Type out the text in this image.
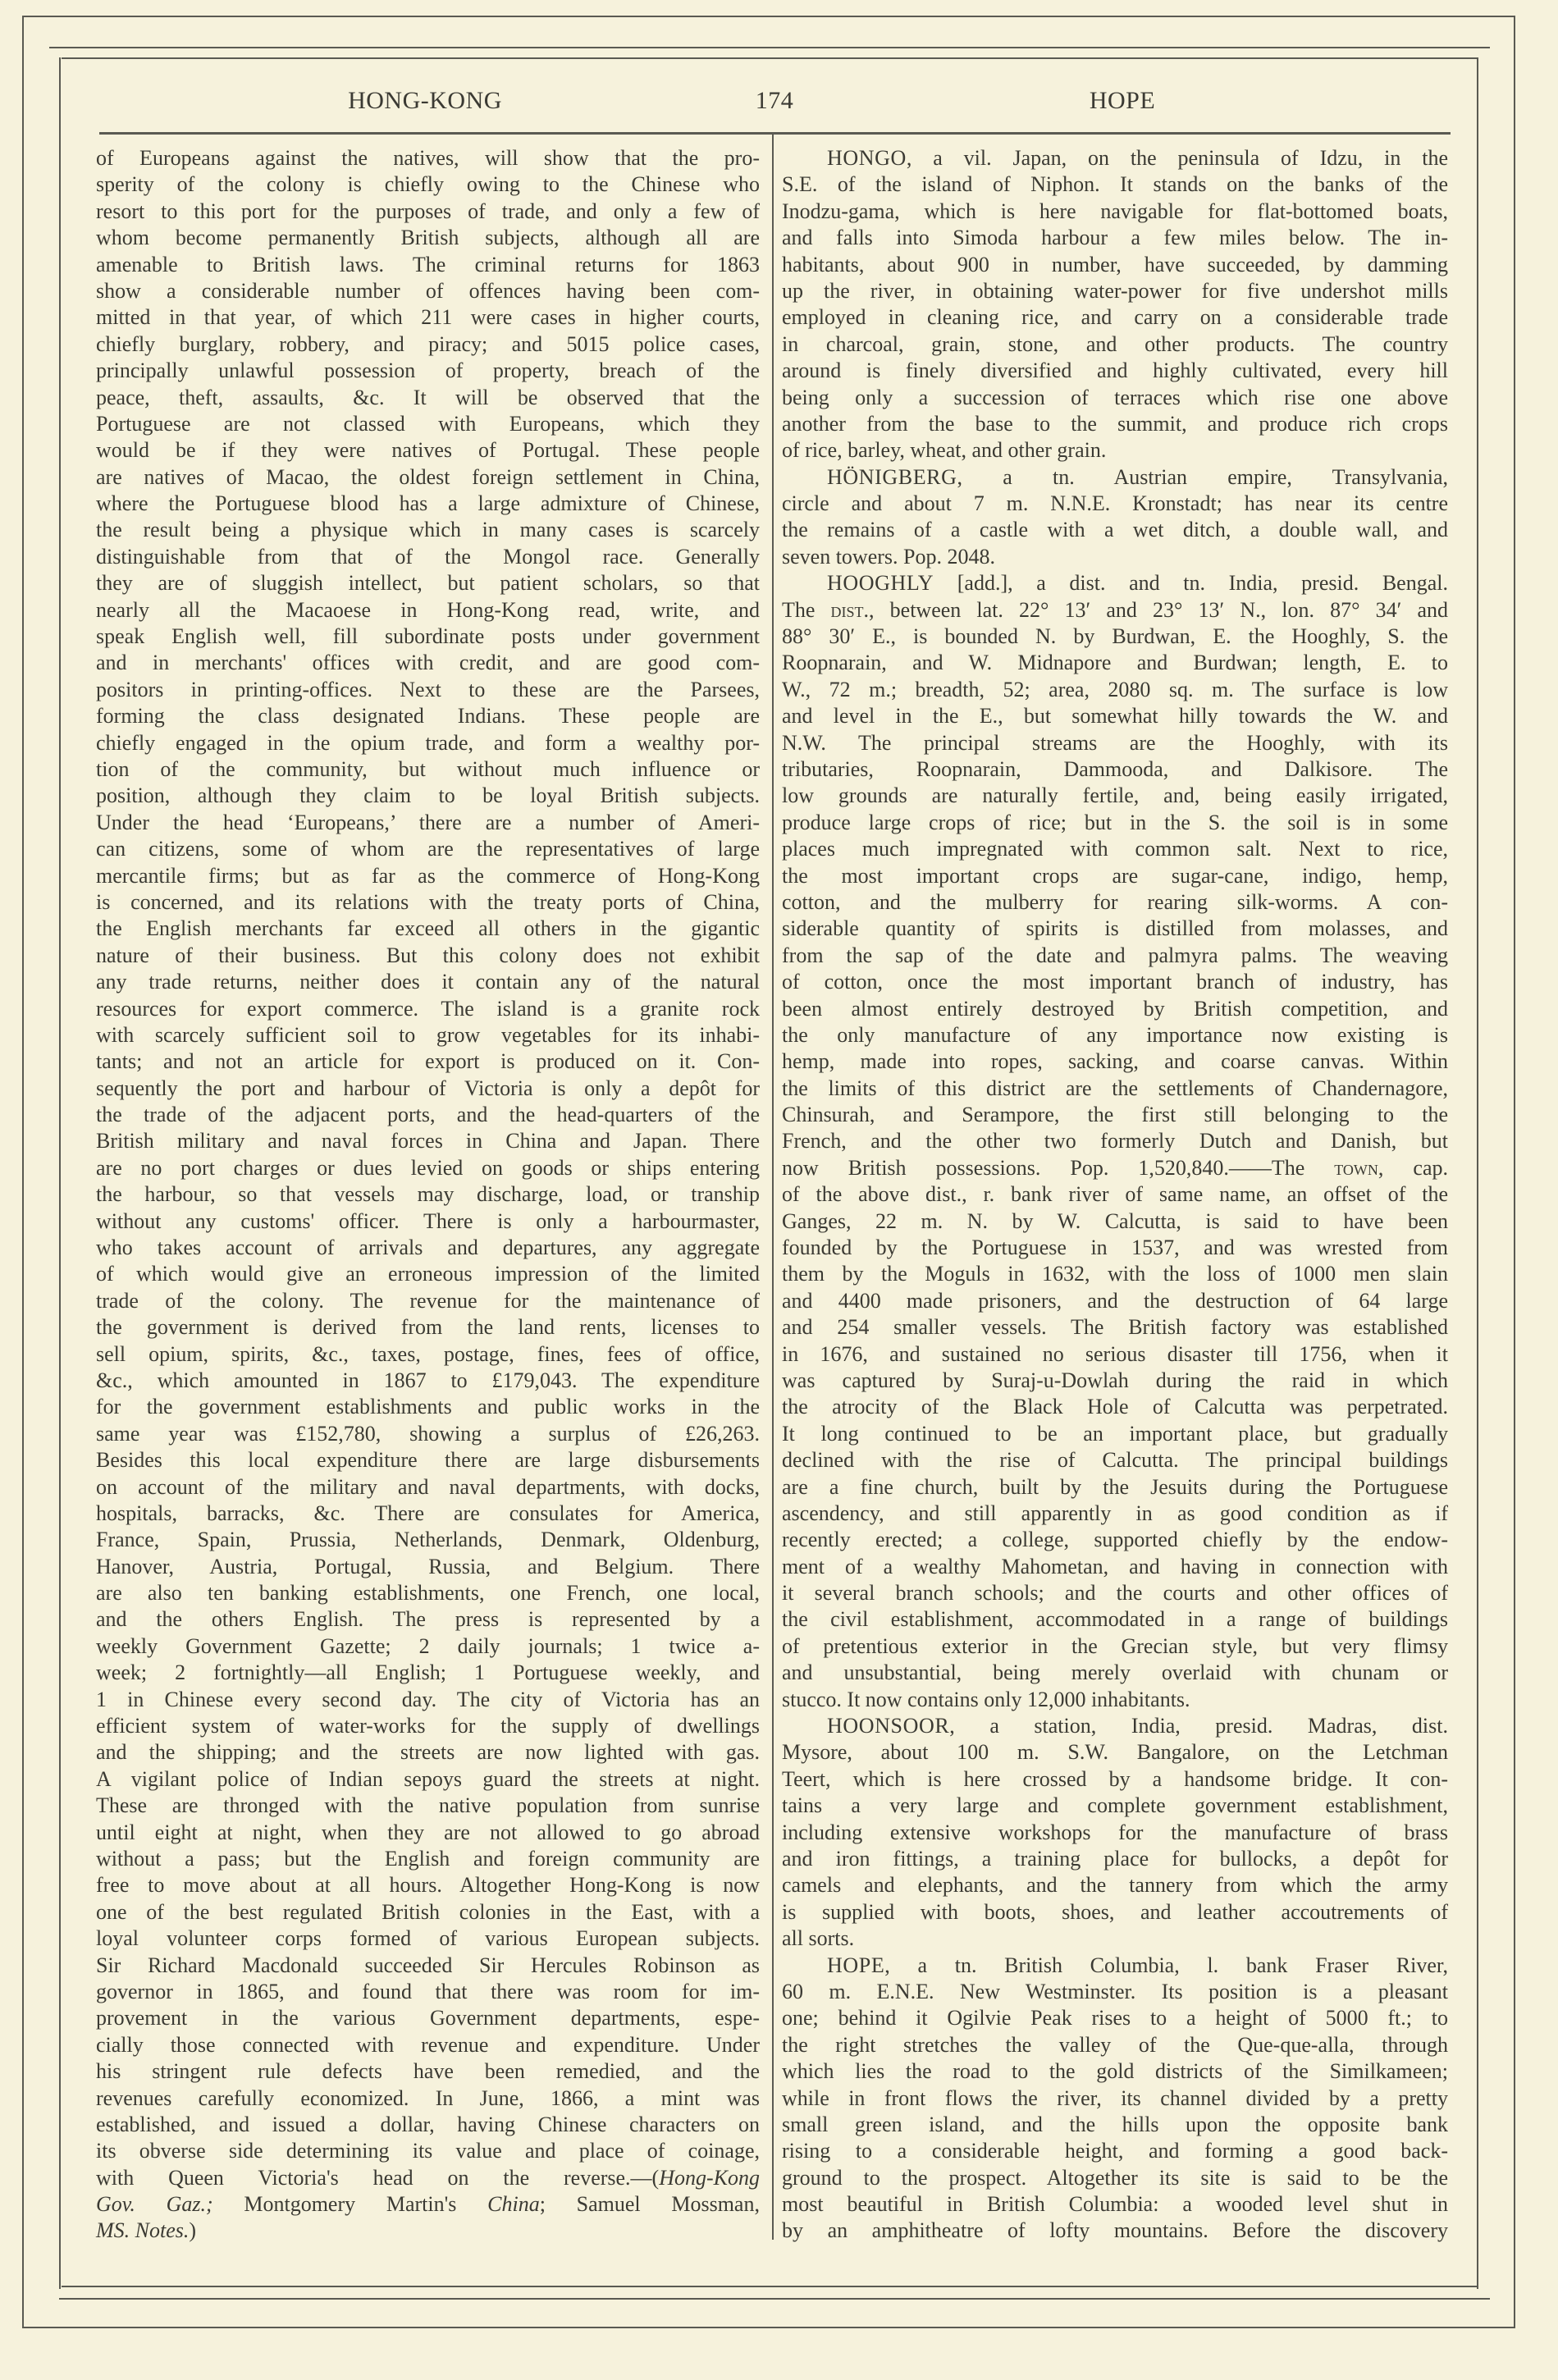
HONG-KONG	174	HOPE
of Europeans against the natives, will show that the pro-
sperity of the colony is chiefly owing to the Chinese who
resort to this port for the purposes of trade, and only a few of
whom become permanently British subjects, although all are
amenable to British laws. The criminal returns for 1863
show a considerable number of offences having been com-
mitted in that year, of which 211 were cases in higher courts,
chiefly burglary, robbery, and piracy; and 5015 police cases,
principally unlawful possession of property, breach of the
peace, theft, assaults, &c. It will be observed that the
Portuguese are not classed with Europeans, which they
would be if they were natives of Portugal. These people
are natives of Macao, the oldest foreign settlement in China,
where the Portuguese blood has a large admixture of Chinese,
the result being a physique which in many cases is scarcely
distinguishable from that of the Mongol race. Generally
they are of sluggish intellect, but patient scholars, so that
nearly all the Macaoese in Hong-Kong read, write, and
speak English well, fill subordinate posts under government
and in merchants' offices with credit, and are good com-
positors in printing-offices. Next to these are the Parsees,
forming the class designated Indians. These people are
chiefly engaged in the opium trade, and form a wealthy por-
tion of the community, but without much influence or
position, although they claim to be loyal British subjects.
Under the head ‘Europeans,’ there are a number of Ameri-
can citizens, some of whom are the representatives of large
mercantile firms; but as far as the commerce of Hong-Kong
is concerned, and its relations with the treaty ports of China,
the English merchants far exceed all others in the gigantic
nature of their business. But this colony does not exhibit
any trade returns, neither does it contain any of the natural
resources for export commerce. The island is a granite rock
with scarcely sufficient soil to grow vegetables for its inhabi-
tants; and not an article for export is produced on it. Con-
sequently the port and harbour of Victoria is only a depôt for
the trade of the adjacent ports, and the head-quarters of the
British military and naval forces in China and Japan. There
are no port charges or dues levied on goods or ships entering
the harbour, so that vessels may discharge, load, or tranship
without any customs' officer. There is only a harbourmaster,
who takes account of arrivals and departures, any aggregate
of which would give an erroneous impression of the limited
trade of the colony. The revenue for the maintenance of
the government is derived from the land rents, licenses to
sell opium, spirits, &c., taxes, postage, fines, fees of office,
&c., which amounted in 1867 to £179,043. The expenditure
for the government establishments and public works in the
same year was £152,780, showing a surplus of £26,263.
Besides this local expenditure there are large disbursements
on account of the military and naval departments, with docks,
hospitals, barracks, &c. There are consulates for America,
France, Spain, Prussia, Netherlands, Denmark, Oldenburg,
Hanover, Austria, Portugal, Russia, and Belgium. There
are also ten banking establishments, one French, one local,
and the others English. The press is represented by a
weekly Government Gazette; 2 daily journals; 1 twice a-
week; 2 fortnightly—all English; 1 Portuguese weekly, and
1 in Chinese every second day. The city of Victoria has an
efficient system of water-works for the supply of dwellings
and the shipping; and the streets are now lighted with gas.
A vigilant police of Indian sepoys guard the streets at night.
These are thronged with the native population from sunrise
until eight at night, when they are not allowed to go abroad
without a pass; but the English and foreign community are
free to move about at all hours. Altogether Hong-Kong is now
one of the best regulated British colonies in the East, with a
loyal volunteer corps formed of various European subjects.
Sir Richard Macdonald succeeded Sir Hercules Robinson as
governor in 1865, and found that there was room for im-
provement in the various Government departments, espe-
cially those connected with revenue and expenditure. Under
his stringent rule defects have been remedied, and the
revenues carefully economized. In June, 1866, a mint was
established, and issued a dollar, having Chinese characters on
its obverse side determining its value and place of coinage,
with Queen Victoria's head on the reverse.—(Hong-Kong
Gov. Gaz.; Montgomery Martin's China; Samuel Mossman,
MS. Notes.)
HONGO, a vil. Japan, on the peninsula of Idzu, in the
S.E. of the island of Niphon. It stands on the banks of the
Inodzu-gama, which is here navigable for flat-bottomed boats,
and falls into Simoda harbour a few miles below. The in-
habitants, about 900 in number, have succeeded, by damming
up the river, in obtaining water-power for five undershot mills
employed in cleaning rice, and carry on a considerable trade
in charcoal, grain, stone, and other products. The country
around is finely diversified and highly cultivated, every hill
being only a succession of terraces which rise one above
another from the base to the summit, and produce rich crops
of rice, barley, wheat, and other grain.
HÖNIGBERG, a tn. Austrian empire, Transylvania,
circle and about 7 m. N.N.E. Kronstadt; has near its centre
the remains of a castle with a wet ditch, a double wall, and
seven towers. Pop. 2048.
HOOGHLY [add.], a dist. and tn. India, presid. Bengal.
The dist., between lat. 22° 13′ and 23° 13′ N., lon. 87° 34′ and
88° 30′ E., is bounded N. by Burdwan, E. the Hooghly, S. the
Roopnarain, and W. Midnapore and Burdwan; length, E. to
W., 72 m.; breadth, 52; area, 2080 sq. m. The surface is low
and level in the E., but somewhat hilly towards the W. and
N.W. The principal streams are the Hooghly, with its
tributaries, Roopnarain, Dammooda, and Dalkisore. The
low grounds are naturally fertile, and, being easily irrigated,
produce large crops of rice; but in the S. the soil is in some
places much impregnated with common salt. Next to rice,
the most important crops are sugar-cane, indigo, hemp,
cotton, and the mulberry for rearing silk-worms. A con-
siderable quantity of spirits is distilled from molasses, and
from the sap of the date and palmyra palms. The weaving
of cotton, once the most important branch of industry, has
been almost entirely destroyed by British competition, and
the only manufacture of any importance now existing is
hemp, made into ropes, sacking, and coarse canvas. Within
the limits of this district are the settlements of Chandernagore,
Chinsurah, and Serampore, the first still belonging to the
French, and the other two formerly Dutch and Danish, but
now British possessions. Pop. 1,520,840.——The town, cap.
of the above dist., r. bank river of same name, an offset of the
Ganges, 22 m. N. by W. Calcutta, is said to have been
founded by the Portuguese in 1537, and was wrested from
them by the Moguls in 1632, with the loss of 1000 men slain
and 4400 made prisoners, and the destruction of 64 large
and 254 smaller vessels. The British factory was established
in 1676, and sustained no serious disaster till 1756, when it
was captured by Suraj-u-Dowlah during the raid in which
the atrocity of the Black Hole of Calcutta was perpetrated.
It long continued to be an important place, but gradually
declined with the rise of Calcutta. The principal buildings
are a fine church, built by the Jesuits during the Portuguese
ascendency, and still apparently in as good condition as if
recently erected; a college, supported chiefly by the endow-
ment of a wealthy Mahometan, and having in connection with
it several branch schools; and the courts and other offices of
the civil establishment, accommodated in a range of buildings
of pretentious exterior in the Grecian style, but very flimsy
and unsubstantial, being merely overlaid with chunam or
stucco. It now contains only 12,000 inhabitants.
HOONSOOR, a station, India, presid. Madras, dist.
Mysore, about 100 m. S.W. Bangalore, on the Letchman
Teert, which is here crossed by a handsome bridge. It con-
tains a very large and complete government establishment,
including extensive workshops for the manufacture of brass
and iron fittings, a training place for bullocks, a depôt for
camels and elephants, and the tannery from which the army
is supplied with boots, shoes, and leather accoutrements of
all sorts.
HOPE, a tn. British Columbia, l. bank Fraser River,
60 m. E.N.E. New Westminster. Its position is a pleasant
one; behind it Ogilvie Peak rises to a height of 5000 ft.; to
the right stretches the valley of the Que-que-alla, through
which lies the road to the gold districts of the Similkameen;
while in front flows the river, its channel divided by a pretty
small green island, and the hills upon the opposite bank
rising to a considerable height, and forming a good back-
ground to the prospect. Altogether its site is said to be the
most beautiful in British Columbia: a wooded level shut in
by an amphitheatre of lofty mountains. Before the discovery
